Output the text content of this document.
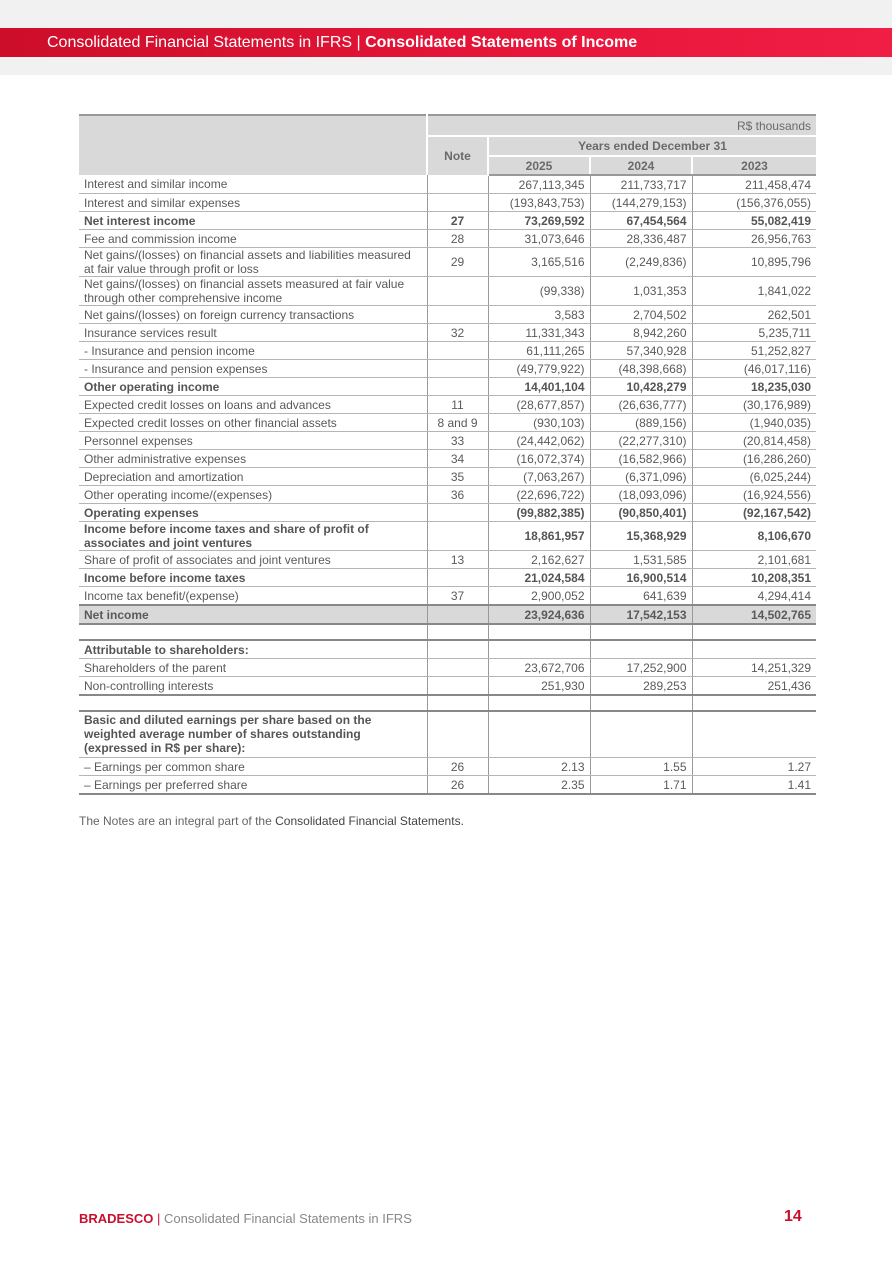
Consolidated Financial Statements in IFRS | Consolidated Statements of Income
	R$ thousands			
	Note	Years ended December 31		
		2025	2024	2023
Interest and similar income		267,113,345	211,733,717	211,458,474
Interest and similar expenses		(193,843,753)	(144,279,153)	(156,376,055)
Net interest income	27	73,269,592	67,454,564	55,082,419
Fee and commission income	28	31,073,646	28,336,487	26,956,763
Net gains/(losses) on financial assets and liabilities measured at fair value through profit or loss	29	3,165,516	(2,249,836)	10,895,796
Net gains/(losses) on financial assets measured at fair value through other comprehensive income		(99,338)	1,031,353	1,841,022
Net gains/(losses) on foreign currency transactions		3,583	2,704,502	262,501
Insurance services result	32	11,331,343	8,942,260	5,235,711
- Insurance and pension income		61,111,265	57,340,928	51,252,827
- Insurance and pension expenses		(49,779,922)	(48,398,668)	(46,017,116)
Other operating income		14,401,104	10,428,279	18,235,030
Expected credit losses on loans and advances	11	(28,677,857)	(26,636,777)	(30,176,989)
Expected credit losses on other financial assets	8 and 9	(930,103)	(889,156)	(1,940,035)
Personnel expenses	33	(24,442,062)	(22,277,310)	(20,814,458)
Other administrative expenses	34	(16,072,374)	(16,582,966)	(16,286,260)
Depreciation and amortization	35	(7,063,267)	(6,371,096)	(6,025,244)
Other operating income/(expenses)	36	(22,696,722)	(18,093,096)	(16,924,556)
Operating expenses		(99,882,385)	(90,850,401)	(92,167,542)
Income before income taxes and share of profit of associates and joint ventures		18,861,957	15,368,929	8,106,670
Share of profit of associates and joint ventures	13	2,162,627	1,531,585	2,101,681
Income before income taxes		21,024,584	16,900,514	10,208,351
Income tax benefit/(expense)	37	2,900,052	641,639	4,294,414
Net income		23,924,636	17,542,153	14,502,765

Attributable to shareholders:				
Shareholders of the parent		23,672,706	17,252,900	14,251,329
Non-controlling interests		251,930	289,253	251,436

Basic and diluted earnings per share based on the weighted average number of shares outstanding (expressed in R$ per share):				
– Earnings per common share	26	2.13	1.55	1.27
– Earnings per preferred share	26	2.35	1.71	1.41
The Notes are an integral part of the Consolidated Financial Statements.
BRADESCO | Consolidated Financial Statements in IFRS	14
